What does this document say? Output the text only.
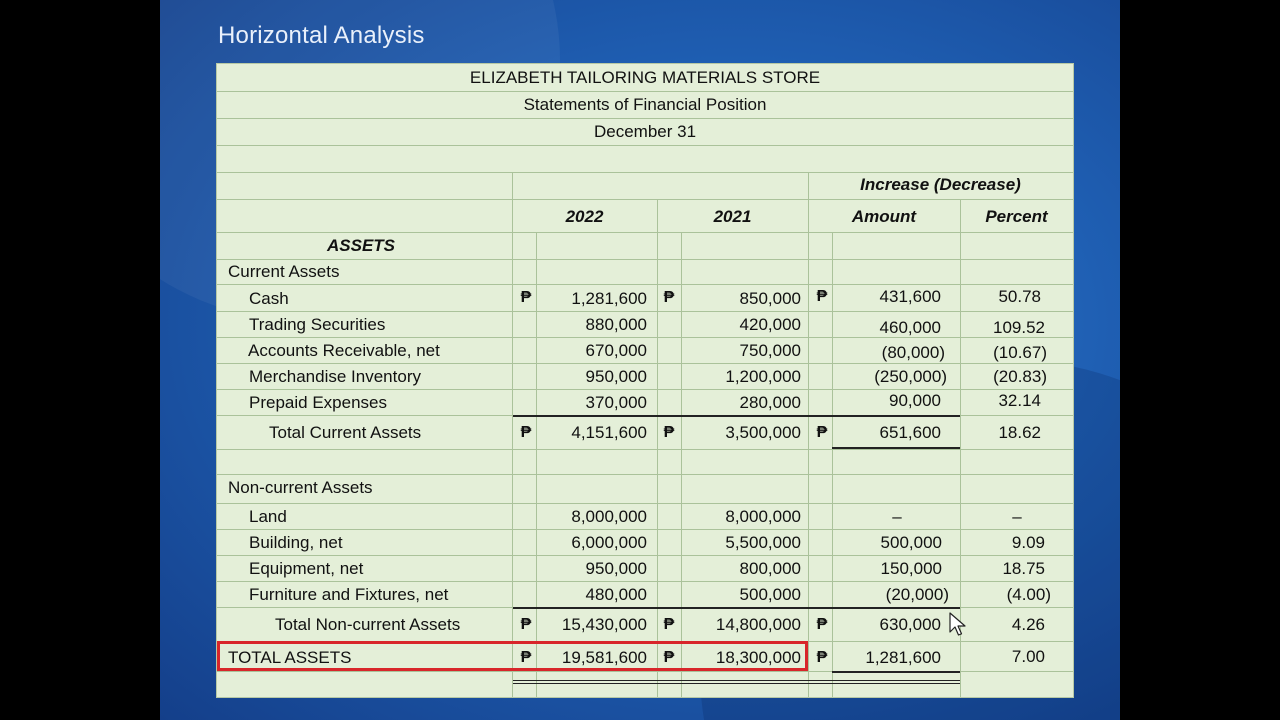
Horizontal Analysis
ELIZABETH TAILORING MATERIALS STORE
Statements of Financial Position
December 31
Increase (Decrease)
2022	2021	Amount	Percent
ASSETS
Current Assets
Cash	₱	1,281,600 ₱	850,000 ₱	431,600	50.78
Trading Securities	880,000	420,000	460,000	109.52
Accounts Receivable, net	670,000	750,000	(80,000)	(10.67)
Merchandise Inventory	950,000	1,200,000	(250,000)	(20.83)
Prepaid Expenses	370,000	280,000	90,000	32.14
Total Current Assets	₱	4,151,600 ₱	3,500,000 ₱	651,600	18.62
Non-current Assets
Land	8,000,000	8,000,000	–	–
Building, net	6,000,000	5,500,000	500,000	9.09
Equipment, net	950,000	800,000	150,000	18.75
Furniture and Fixtures, net	480,000	500,000	(20,000)	(4.00)
Total Non-current Assets	₱	15,430,000 ₱	14,800,000 ₱	630,000	4.26
TOTAL ASSETS	₱	19,581,600 ₱	18,300,000 ₱	1,281,600	7.00
